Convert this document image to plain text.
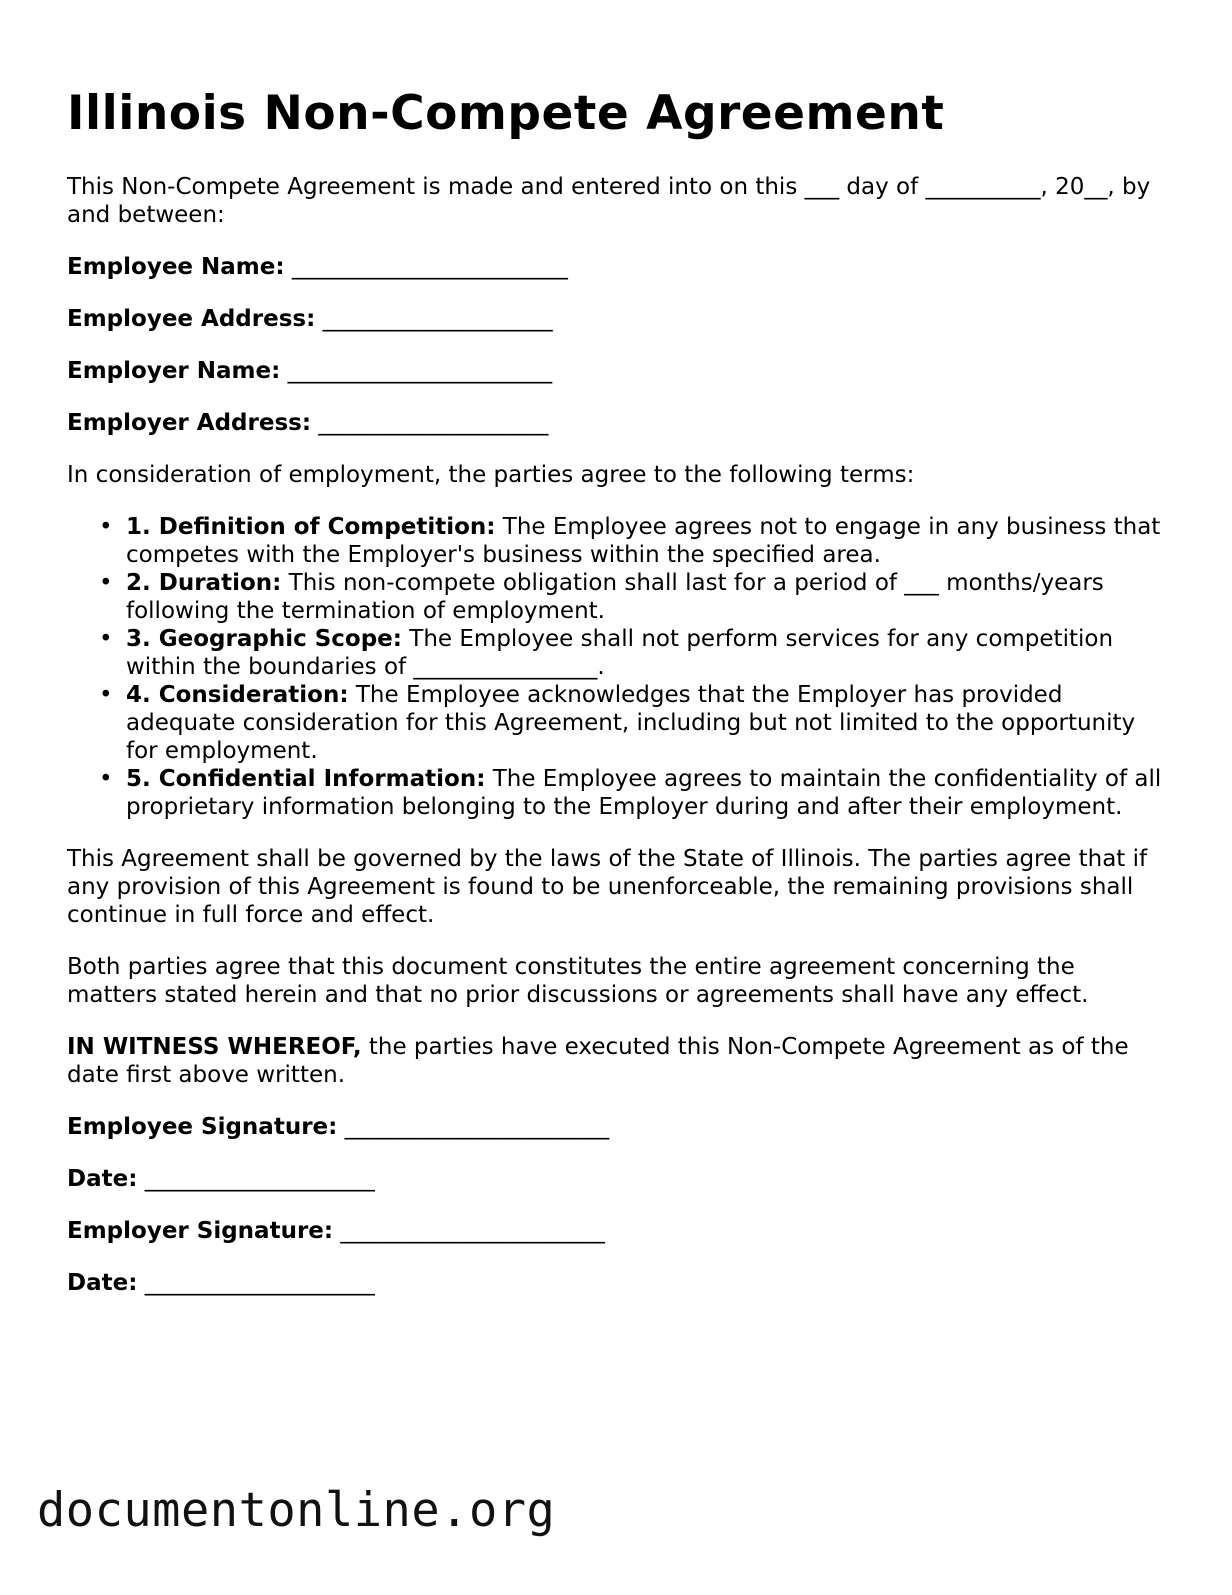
Illinois Non-Compete Agreement

This Non-Compete Agreement is made and entered into on this ___ day of __________, 20__, by and between:

Employee Name: ________________________
Employee Address: ____________________
Employer Name: _______________________
Employer Address: ____________________

In consideration of employment, the parties agree to the following terms:

• 1. Definition of Competition: The Employee agrees not to engage in any business that competes with the Employer's business within the specified area.
• 2. Duration: This non-compete obligation shall last for a period of ___ months/years following the termination of employment.
• 3. Geographic Scope: The Employee shall not perform services for any competition within the boundaries of ________________.
• 4. Consideration: The Employee acknowledges that the Employer has provided adequate consideration for this Agreement, including but not limited to the opportunity for employment.
• 5. Confidential Information: The Employee agrees to maintain the confidentiality of all proprietary information belonging to the Employer during and after their employment.

This Agreement shall be governed by the laws of the State of Illinois. The parties agree that if any provision of this Agreement is found to be unenforceable, the remaining provisions shall continue in full force and effect.

Both parties agree that this document constitutes the entire agreement concerning the matters stated herein and that no prior discussions or agreements shall have any effect.

IN WITNESS WHEREOF, the parties have executed this Non-Compete Agreement as of the date first above written.

Employee Signature: _______________________
Date: ____________________
Employer Signature: _______________________
Date: ____________________
documentonline.org
